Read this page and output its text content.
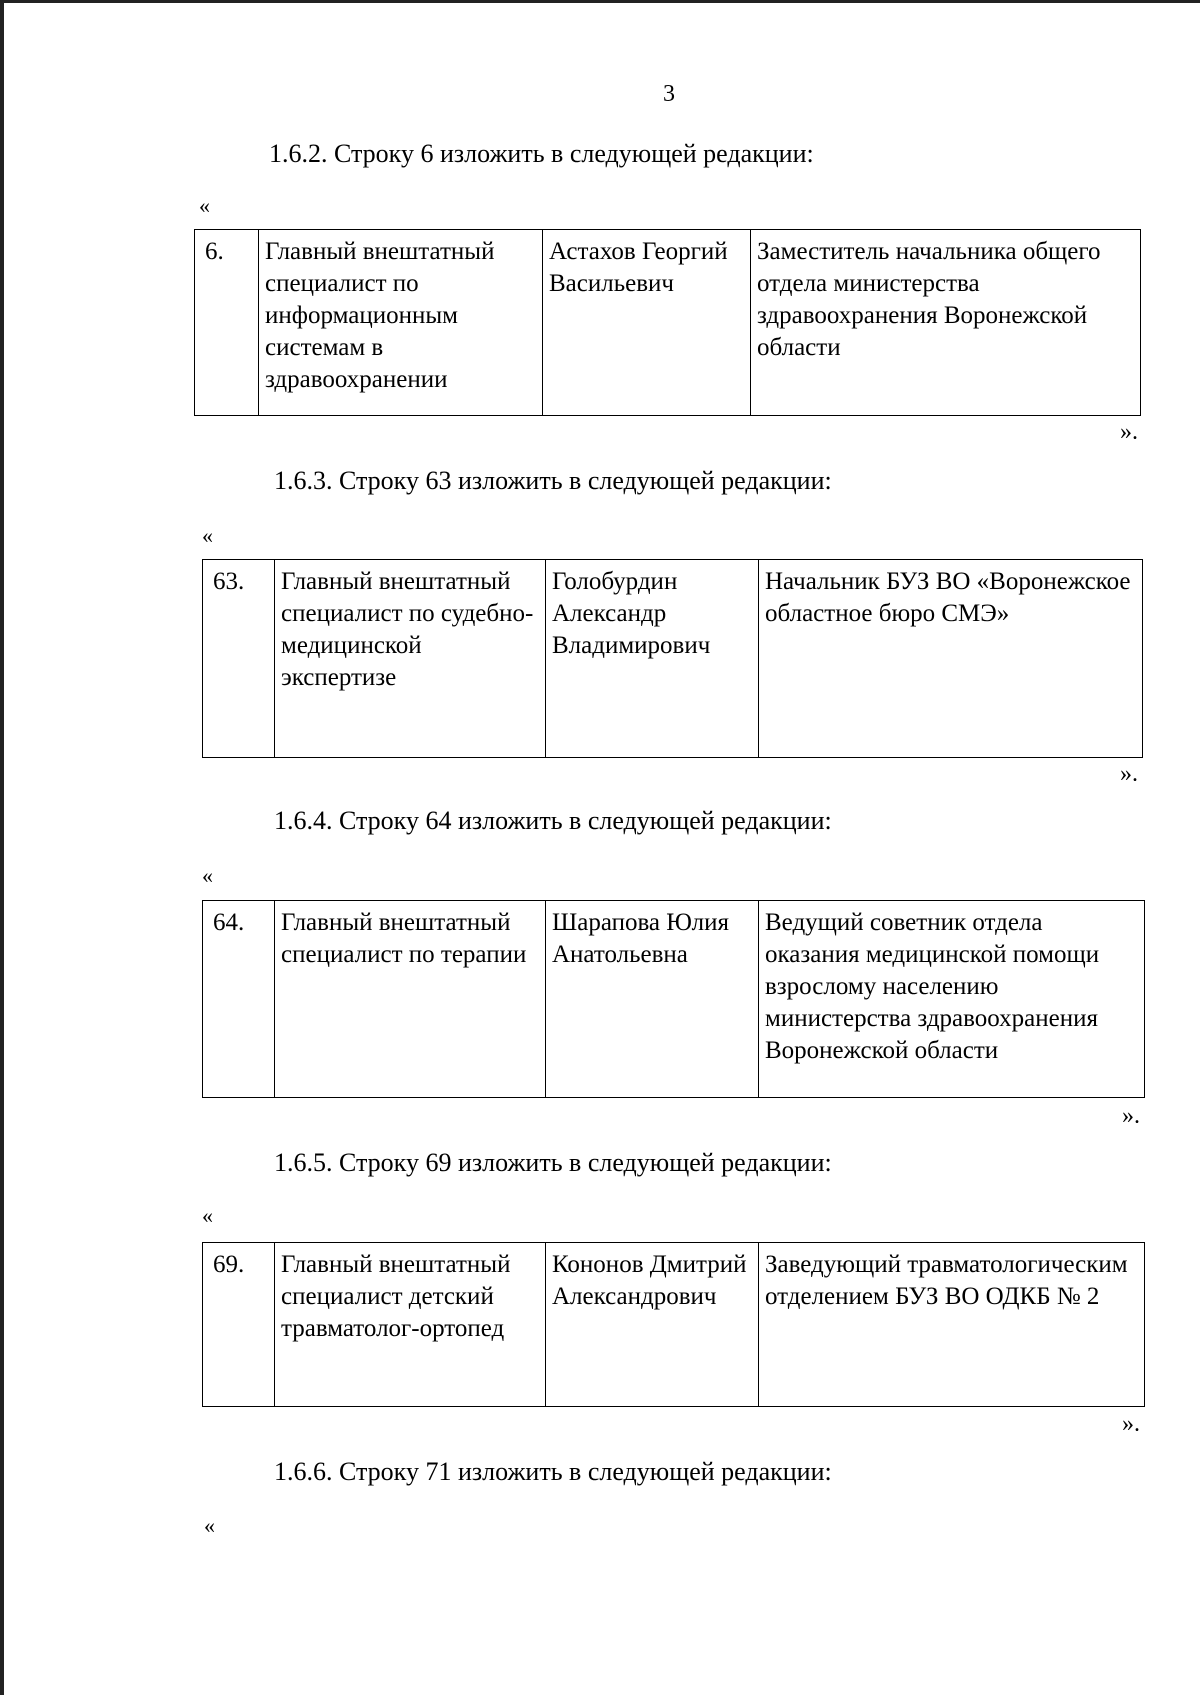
3
1.6.2. Строку 6 изложить в следующей редакции:
«
6.	Главный внештатный специалист по информационным системам в здравоохранении	Астахов Георгий Васильевич	Заместитель начальника общего отдела министерства здравоохранения Воронежской области
».
1.6.3. Строку 63 изложить в следующей редакции:
«
63.	Главный внештатный специалист по судебно-медицинской экспертизе	Голобурдин Александр Владимирович	Начальник БУЗ ВО «Воронежское областное бюро СМЭ»
».
1.6.4. Строку 64 изложить в следующей редакции:
«
64.	Главный внештатный специалист по терапии	Шарапова Юлия Анатольевна	Ведущий советник отдела оказания медицинской помощи взрослому населению министерства здравоохранения Воронежской области
».
1.6.5. Строку 69 изложить в следующей редакции:
«
69.	Главный внештатный специалист детский травматолог-ортопед	Кононов Дмитрий Александрович	Заведующий травматологическим отделением БУЗ ВО ОДКБ № 2
».
1.6.6. Строку 71 изложить в следующей редакции:
«
